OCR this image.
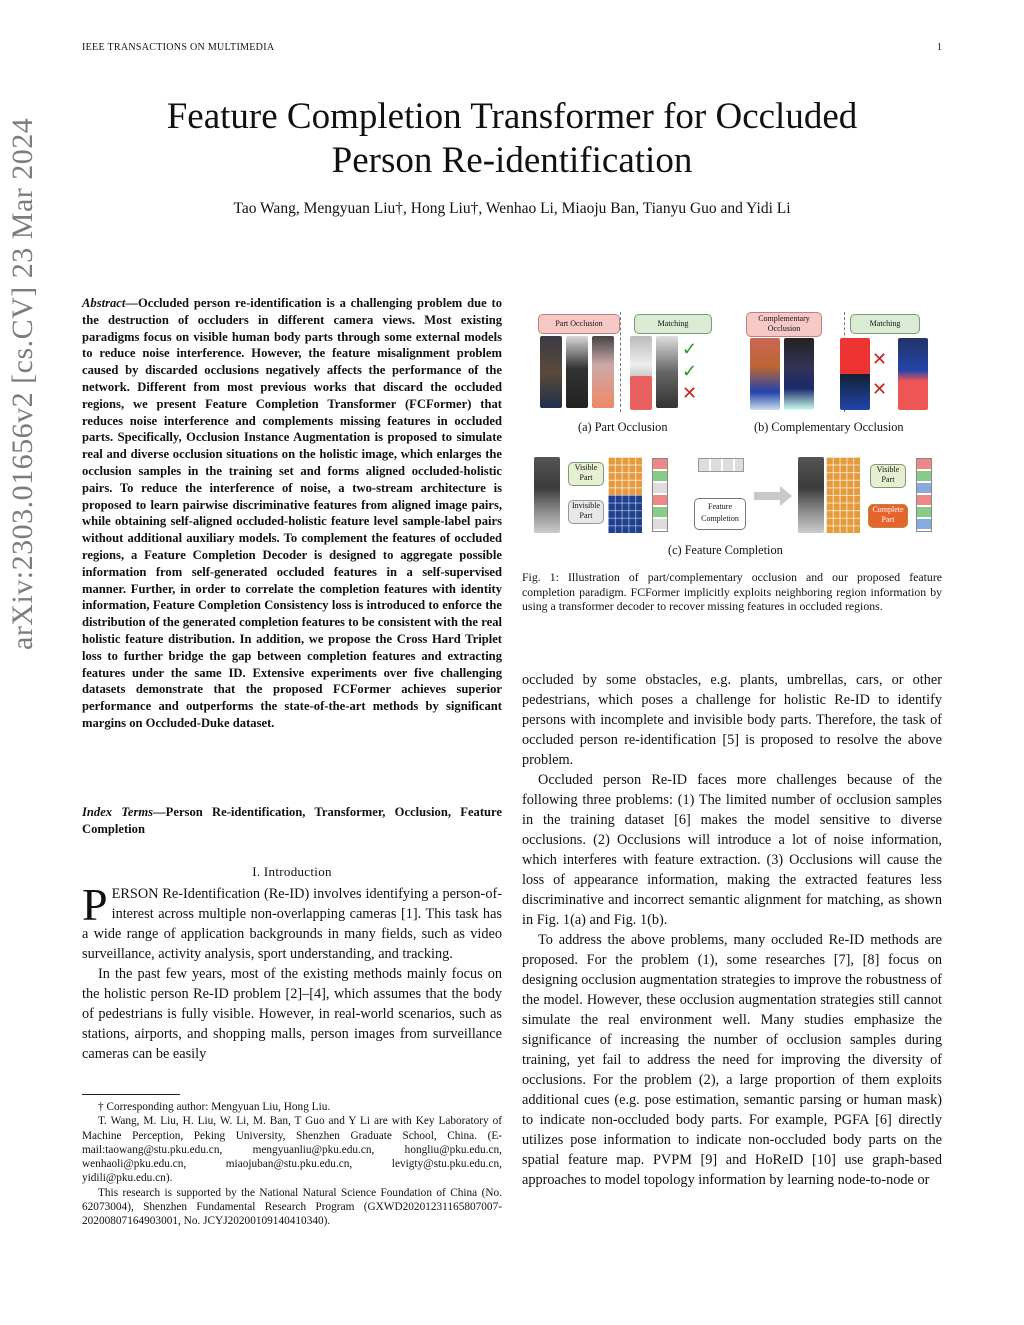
IEEE TRANSACTIONS ON MULTIMEDIA	1
Feature Completion Transformer for Occluded
Person Re-identification
Tao Wang, Mengyuan Liu†, Hong Liu†, Wenhao Li, Miaoju Ban, Tianyu Guo and Yidi Li
arXiv:2303.01656v2 [cs.CV] 23 Mar 2024	Abstract—Occluded person re-identification is a challenging problem due to the destruction of occluders in different camera views. Most existing paradigms focus on visible human body parts through some external models to reduce noise interference. However, the feature misalignment problem caused by discarded occlusions negatively affects the performance of the network. Different from most previous works that discard the occluded regions, we present Feature Completion Transformer (FCFormer) that reduces noise interference and complements missing features in occluded parts. Specifically, Occlusion Instance Augmentation is proposed to simulate real and diverse occlusion situations on the holistic image, which enlarges the occlusion samples in the training set and forms aligned occluded-holistic pairs. To reduce the interference of noise, a two-stream architecture is proposed to learn pairwise discriminative features from aligned image pairs, while obtaining self-aligned occluded-holistic feature level sample-label pairs without additional auxiliary models. To complement the features of occluded regions, a Feature Completion Decoder is designed to aggregate possible information from self-generated occluded features in a self-supervised manner. Further, in order to correlate the completion features with identity information, Feature Completion Consistency loss is introduced to enforce the distribution of the generated completion features to be consistent with the real holistic feature distribution. In addition, we propose the Cross Hard Triplet loss to further bridge the gap between completion features and extracting features under the same ID. Extensive experiments over five challenging datasets demonstrate that the proposed FCFormer achieves superior performance and outperforms the state-of-the-art methods by significant margins on Occluded-Duke dataset.
Index Terms—Person Re-identification, Transformer, Occlusion, Feature Completion
I. Introduction

PERSON Re-Identification (Re-ID) involves identifying a person-of-interest across multiple non-overlapping cameras [1]. This task has a wide range of application backgrounds in many fields, such as video surveillance, activity analysis, sport understanding, and tracking.

In the past few years, most of the existing methods mainly focus on the holistic person Re-ID problem [2]–[4], which assumes that the body of pedestrians is fully visible. However, in real-world scenarios, such as stations, airports, and shopping malls, person images from surveillance cameras can be easily

† Corresponding author: Mengyuan Liu, Hong Liu.

T. Wang, M. Liu, H. Liu, W. Li, M. Ban, T Guo and Y Li are with Key Laboratory of Machine Perception, Peking University, Shenzhen Graduate School, China. (E-mail:taowang@stu.pku.edu.cn, mengyuanliu@pku.edu.cn, hongliu@pku.edu.cn, wenhaoli@pku.edu.cn, miaojuban@stu.pku.edu.cn, levigty@stu.pku.edu.cn, yidili@pku.edu.cn).

This research is supported by the National Natural Science Foundation of China (No. 62073004), Shenzhen Fundamental Research Program (GXWD20201231165807007-20200807164903001, No. JCYJ20200109140410340).

Part Occlusion	Matching
✓
✓
✕
Complementary Occlusion
Matching
✕
✕
(a) Part Occlusion	(b) Complementary Occlusion
Visible Part
Invisible Part
Feature Completion
Visible Part
Complete Part
(c) Feature Completion
Fig. 1: Illustration of part/complementary occlusion and our proposed feature completion paradigm. FCFormer implicitly exploits neighboring region information by using a transformer decoder to recover missing features in occluded regions.

occluded by some obstacles, e.g. plants, umbrellas, cars, or other pedestrians, which poses a challenge for holistic Re-ID to identify persons with incomplete and invisible body parts. Therefore, the task of occluded person re-identification [5] is proposed to resolve the above problem.

Occluded person Re-ID faces more challenges because of the following three problems: (1) The limited number of occlusion samples in the training dataset [6] makes the model sensitive to diverse occlusions. (2) Occlusions will introduce a lot of noise information, which interferes with feature extraction. (3) Occlusions will cause the loss of appearance information, making the extracted features less discriminative and incorrect semantic alignment for matching, as shown in Fig. 1(a) and Fig. 1(b).

To address the above problems, many occluded Re-ID methods are proposed. For the problem (1), some researches [7], [8] focus on designing occlusion augmentation strategies to improve the robustness of the model. However, these occlusion augmentation strategies still cannot simulate the real environment well. Many studies emphasize the significance of increasing the number of occlusion samples during training, yet fail to address the need for improving the diversity of occlusions. For the problem (2), a large proportion of them exploits additional cues (e.g. pose estimation, semantic parsing or human mask) to indicate non-occluded body parts. For example, PGFA [6] directly utilizes pose information to indicate non-occluded body parts on the spatial feature map. PVPM [9] and HoReID [10] use graph-based approaches to model topology information by learning node-to-node or
